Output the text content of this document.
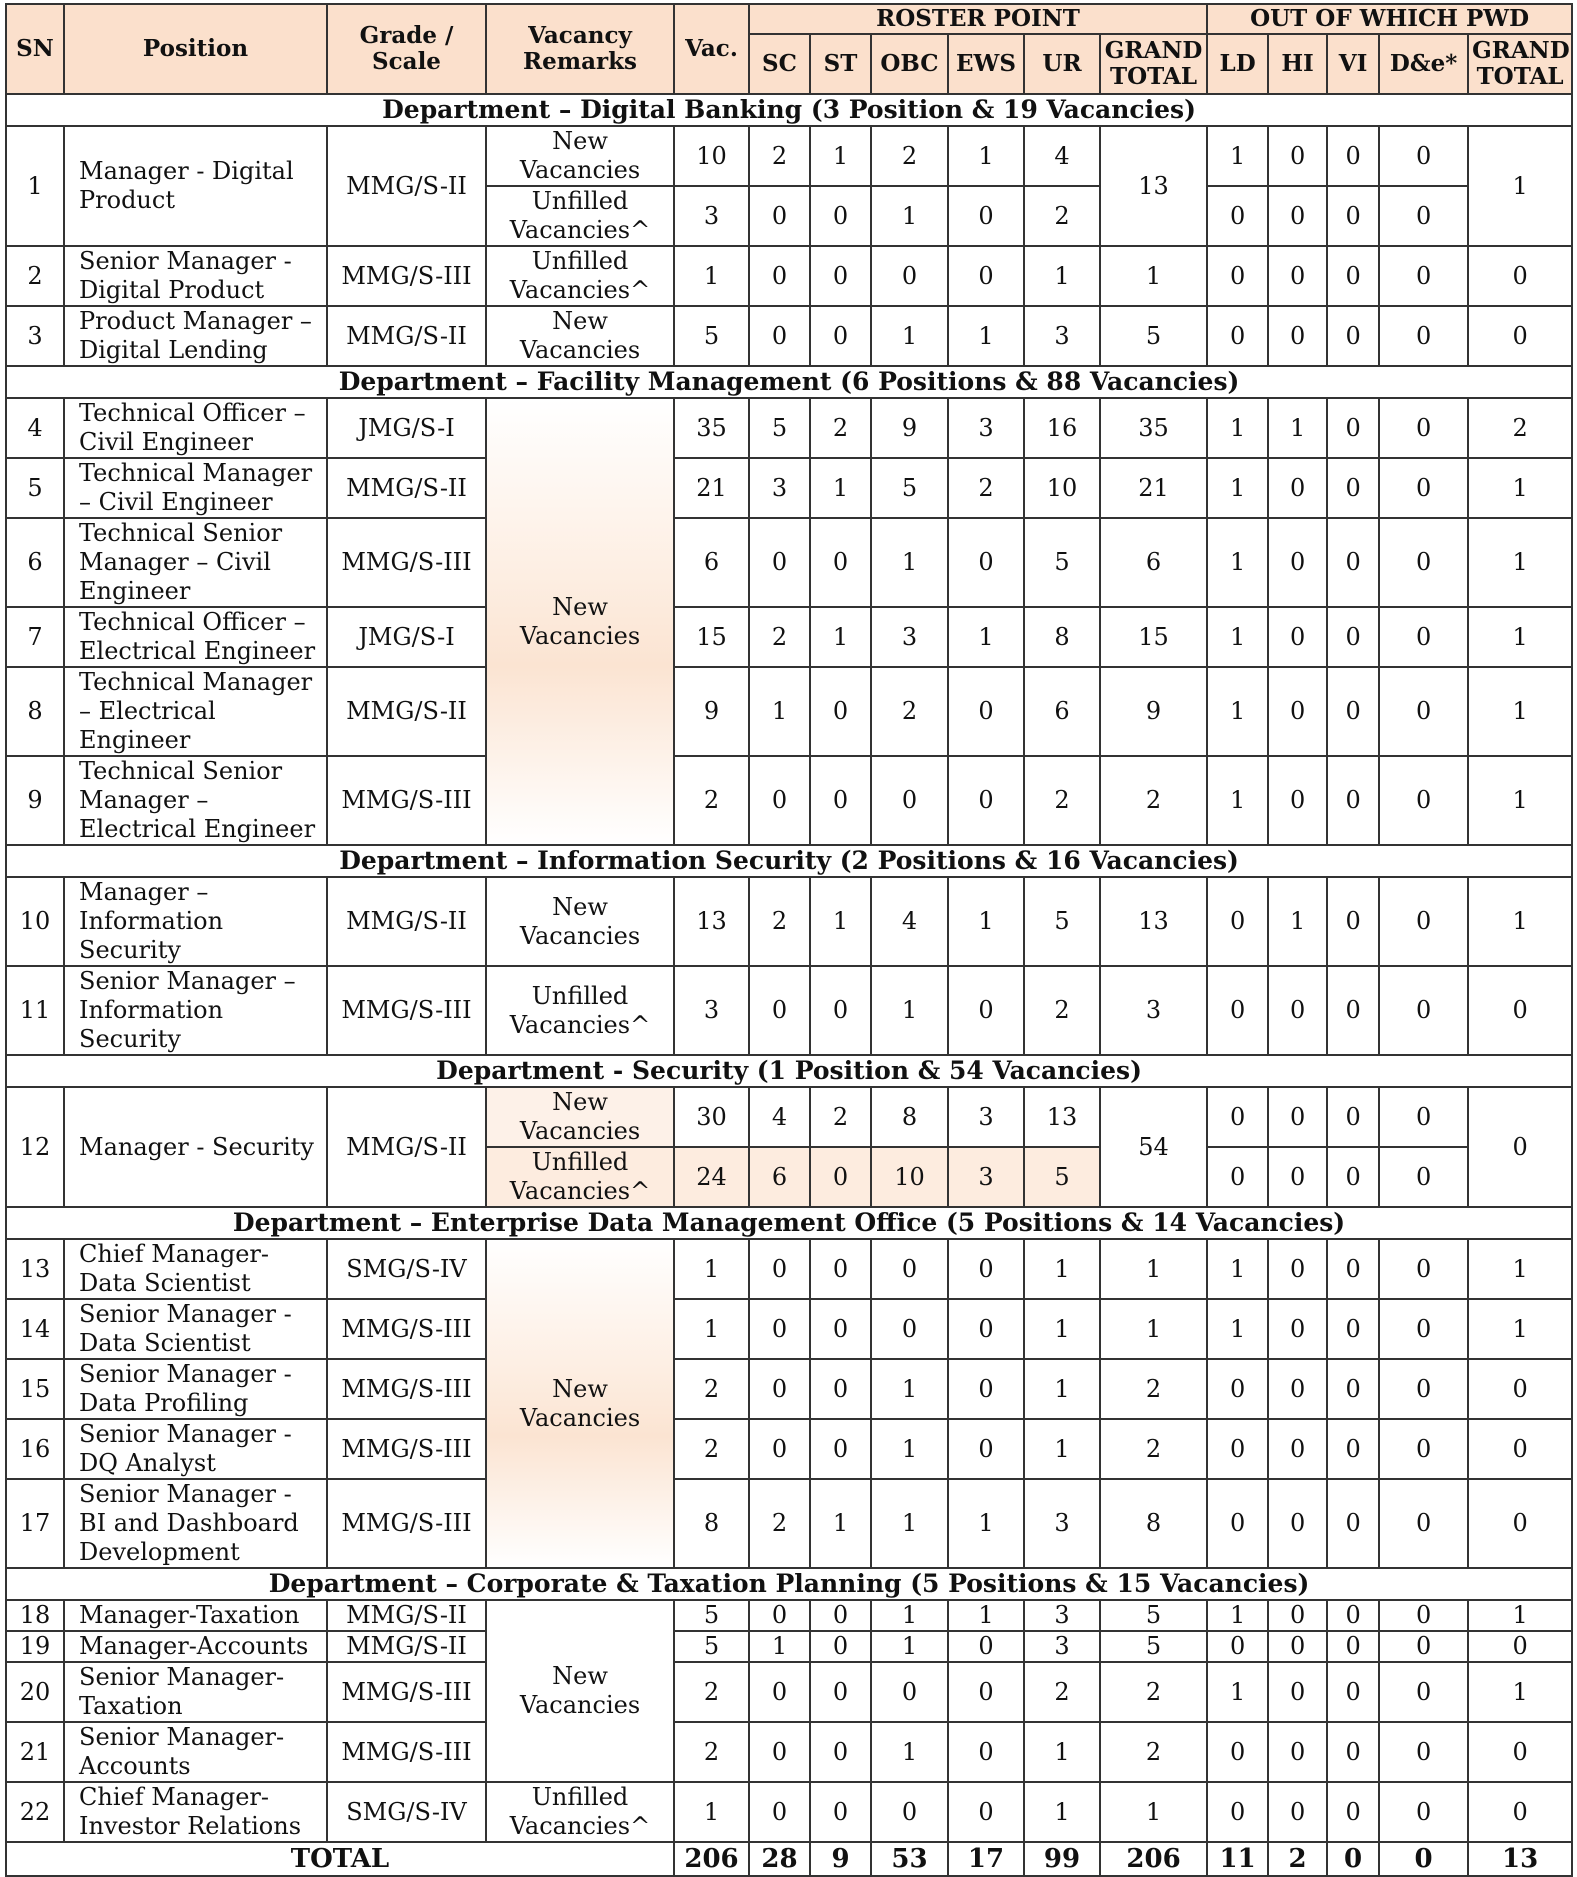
SN	Position	Grade / Scale	Vacancy Remarks	Vac.	ROSTER POINT						OUT OF WHICH PWD				
					SC	ST	OBC	EWS	UR	GRAND TOTAL	LD	HI	VI	D&e*	GRAND TOTAL
Department – Digital Banking (3 Position & 19 Vacancies)															
1	Manager - Digital Product	MMG/S-II	New Vacancies	10	2	1	2	1	4	13	1	0	0	0	1
			Unfilled Vacancies^	3	0	0	1	0	2		0	0	0	0	
2	Senior Manager - Digital Product	MMG/S-III	Unfilled Vacancies^	1	0	0	0	0	1	1	0	0	0	0	0
3	Product Manager – Digital Lending	MMG/S-II	New Vacancies	5	0	0	1	1	3	5	0	0	0	0	0
Department – Facility Management (6 Positions & 88 Vacancies)															
4	Technical Officer – Civil Engineer	JMG/S-I	New Vacancies	35	5	2	9	3	16	35	1	1	0	0	2
5	Technical Manager – Civil Engineer	MMG/S-II		21	3	1	5	2	10	21	1	0	0	0	1
6	Technical Senior Manager – Civil Engineer	MMG/S-III		6	0	0	1	0	5	6	1	0	0	0	1
7	Technical Officer – Electrical Engineer	JMG/S-I		15	2	1	3	1	8	15	1	0	0	0	1
8	Technical Manager – Electrical Engineer	MMG/S-II		9	1	0	2	0	6	9	1	0	0	0	1
9	Technical Senior Manager – Electrical Engineer	MMG/S-III		2	0	0	0	0	2	2	1	0	0	0	1
Department – Information Security (2 Positions & 16 Vacancies)															
10	Manager – Information Security	MMG/S-II	New Vacancies	13	2	1	4	1	5	13	0	1	0	0	1
11	Senior Manager – Information Security	MMG/S-III	Unfilled Vacancies^	3	0	0	1	0	2	3	0	0	0	0	0
Department - Security (1 Position & 54 Vacancies)															
12	Manager - Security	MMG/S-II	New Vacancies	30	4	2	8	3	13	54	0	0	0	0	0
			Unfilled Vacancies^	24	6	0	10	3	5		0	0	0	0	
Department – Enterprise Data Management Office (5 Positions & 14 Vacancies)															
13	Chief Manager-Data Scientist	SMG/S-IV	New Vacancies	1	0	0	0	0	1	1	1	0	0	0	1
14	Senior Manager - Data Scientist	MMG/S-III		1	0	0	0	0	1	1	1	0	0	0	1
15	Senior Manager - Data Profiling	MMG/S-III		2	0	0	1	0	1	2	0	0	0	0	0
16	Senior Manager - DQ Analyst	MMG/S-III		2	0	0	1	0	1	2	0	0	0	0	0
17	Senior Manager - BI and Dashboard Development	MMG/S-III		8	2	1	1	1	3	8	0	0	0	0	0
Department – Corporate & Taxation Planning (5 Positions & 15 Vacancies)															
18	Manager-Taxation	MMG/S-II	New Vacancies	5	0	0	1	1	3	5	1	0	0	0	1
19	Manager-Accounts	MMG/S-II		5	1	0	1	0	3	5	0	0	0	0	0
20	Senior Manager- Taxation	MMG/S-III		2	0	0	0	0	2	2	1	0	0	0	1
21	Senior Manager- Accounts	MMG/S-III		2	0	0	1	0	1	2	0	0	0	0	0
22	Chief Manager- Investor Relations	SMG/S-IV	Unfilled Vacancies^	1	0	0	0	0	1	1	0	0	0	0	0
TOTAL				206	28	9	53	17	99	206	11	2	0	0	13
